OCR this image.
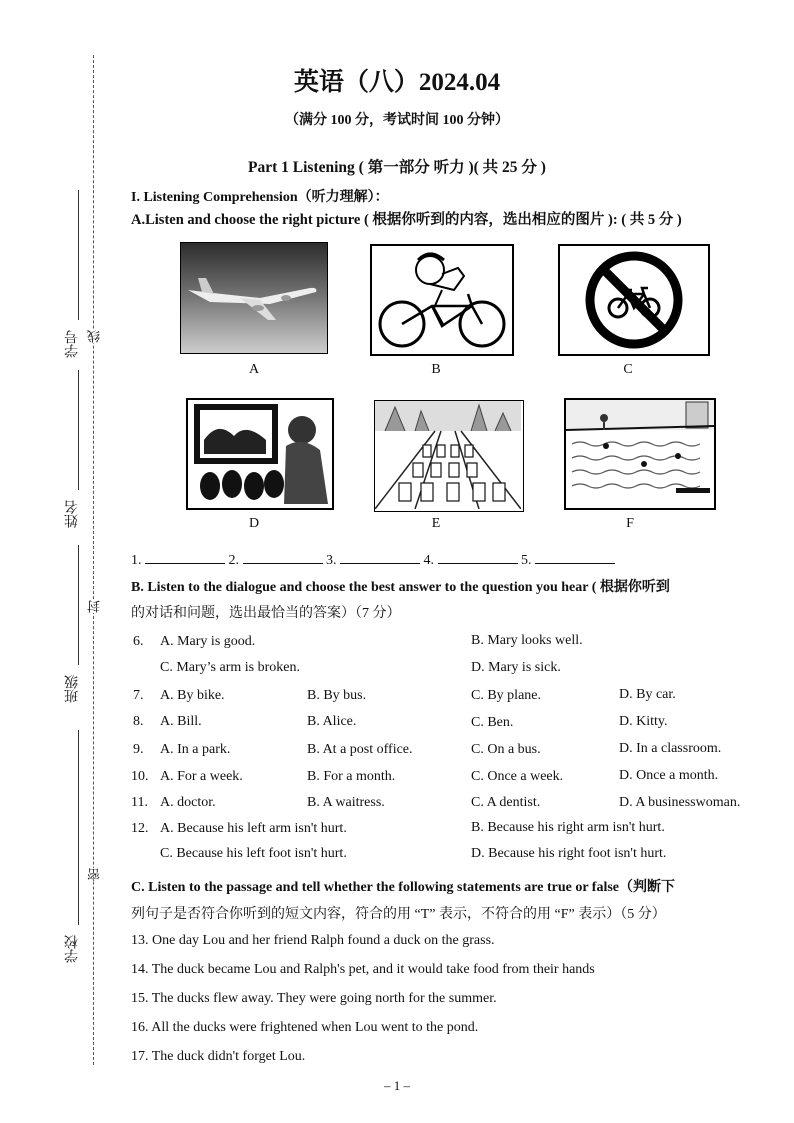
学号
姓名
班级
学校
线
封
密
英语（八）2024.04
（满分 100 分，考试时间 100 分钟）
Part 1 Listening ( 第一部分 听力 )( 共 25 分 )
I. Listening Comprehension（听力理解）：
A.Listen and choose the right picture ( 根据你听到的内容，选出相应的图片 ): ( 共 5 分 )
A	B	C
D	E	F
1.	2.	3.	4.	5.
B. Listen to the dialogue and choose the best answer to the question you hear ( 根据你听到
的对话和问题，选出最恰当的答案）（7 分）
6. A. Mary is good.	B. Mary looks well.
C. Mary’s arm is broken.	D. Mary is sick.
7. A. By bike.	B. By bus.	C. By plane.	D. By car.
8. A. Bill.	B. Alice.	C. Ben.	D. Kitty.
9. A. In a park.	B. At a post office.	C. On a bus.	D. In a classroom.
10. A. For a week.	B. For a month.	C. Once a week.	D. Once a month.
11. A. doctor.	B. A waitress.	C. A dentist.	D. A businesswoman.
12. A. Because his left arm isn't hurt.	B. Because his right arm isn't hurt.
C. Because his left foot isn't hurt.	D. Because his right foot isn't hurt.
C. Listen to the passage and tell whether the following statements are true or false（判断下
列句子是否符合你听到的短文内容，符合的用 “T” 表示，不符合的用 “F” 表示）（5 分）
13. One day Lou and her friend Ralph found a duck on the grass.
14. The duck became Lou and Ralph's pet, and it would take food from their hands
15. The ducks flew away. They were going north for the summer.
16. All the ducks were frightened when Lou went to the pond.
17. The duck didn't forget Lou.
– 1 –
